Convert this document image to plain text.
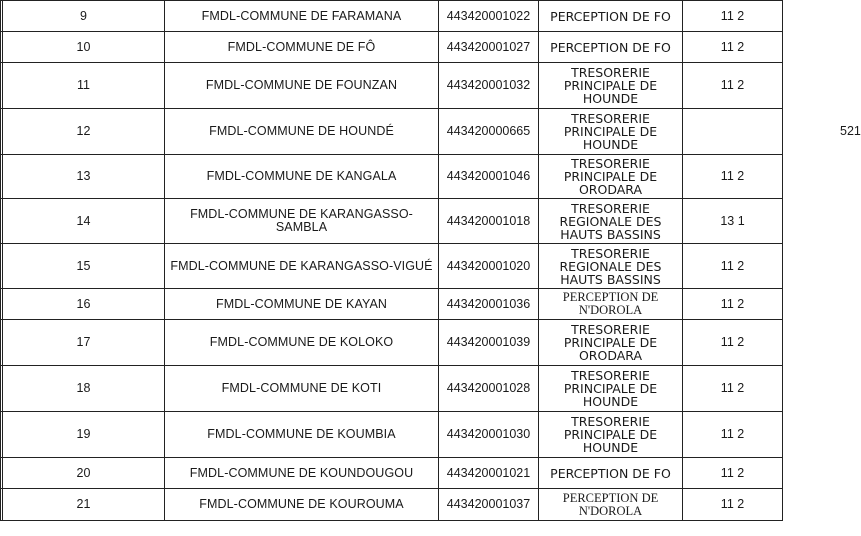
	9	FMDL-COMMUNE DE FARAMANA	443420001022	PERCEPTION DE FO	11 2
	10	FMDL-COMMUNE DE FÔ	443420001027	PERCEPTION DE FO	11 2
	11	FMDL-COMMUNE DE FOUNZAN	443420001032	TRESORERIE
PRINCIPALE DE
HOUNDE	11 2
	12	FMDL-COMMUNE DE HOUNDÉ	443420000665	TRESORERIE
PRINCIPALE DE
HOUNDE	521
	13	FMDL-COMMUNE DE KANGALA	443420001046	TRESORERIE
PRINCIPALE DE
ORODARA	11 2
	14	FMDL-COMMUNE DE KARANGASSO-SAMBLA	443420001018	TRESORERIE
REGIONALE DES
HAUTS BASSINS	13 1
	15	FMDL-COMMUNE DE KARANGASSO-VIGUÉ	443420001020	TRESORERIE
REGIONALE DES
HAUTS BASSINS	11 2
	16	FMDL-COMMUNE DE KAYAN	443420001036	PERCEPTION DE
N'DOROLA	11 2
	17	FMDL-COMMUNE DE KOLOKO	443420001039	TRESORERIE
PRINCIPALE DE
ORODARA	11 2
	18	FMDL-COMMUNE DE KOTI	443420001028	TRESORERIE
PRINCIPALE DE
HOUNDE	11 2
	19	FMDL-COMMUNE DE KOUMBIA	443420001030	TRESORERIE
PRINCIPALE DE
HOUNDE	11 2
	20	FMDL-COMMUNE DE KOUNDOUGOU	443420001021	PERCEPTION DE FO	11 2
	21	FMDL-COMMUNE DE KOUROUMA	443420001037	PERCEPTION DE
N'DOROLA	11 2
